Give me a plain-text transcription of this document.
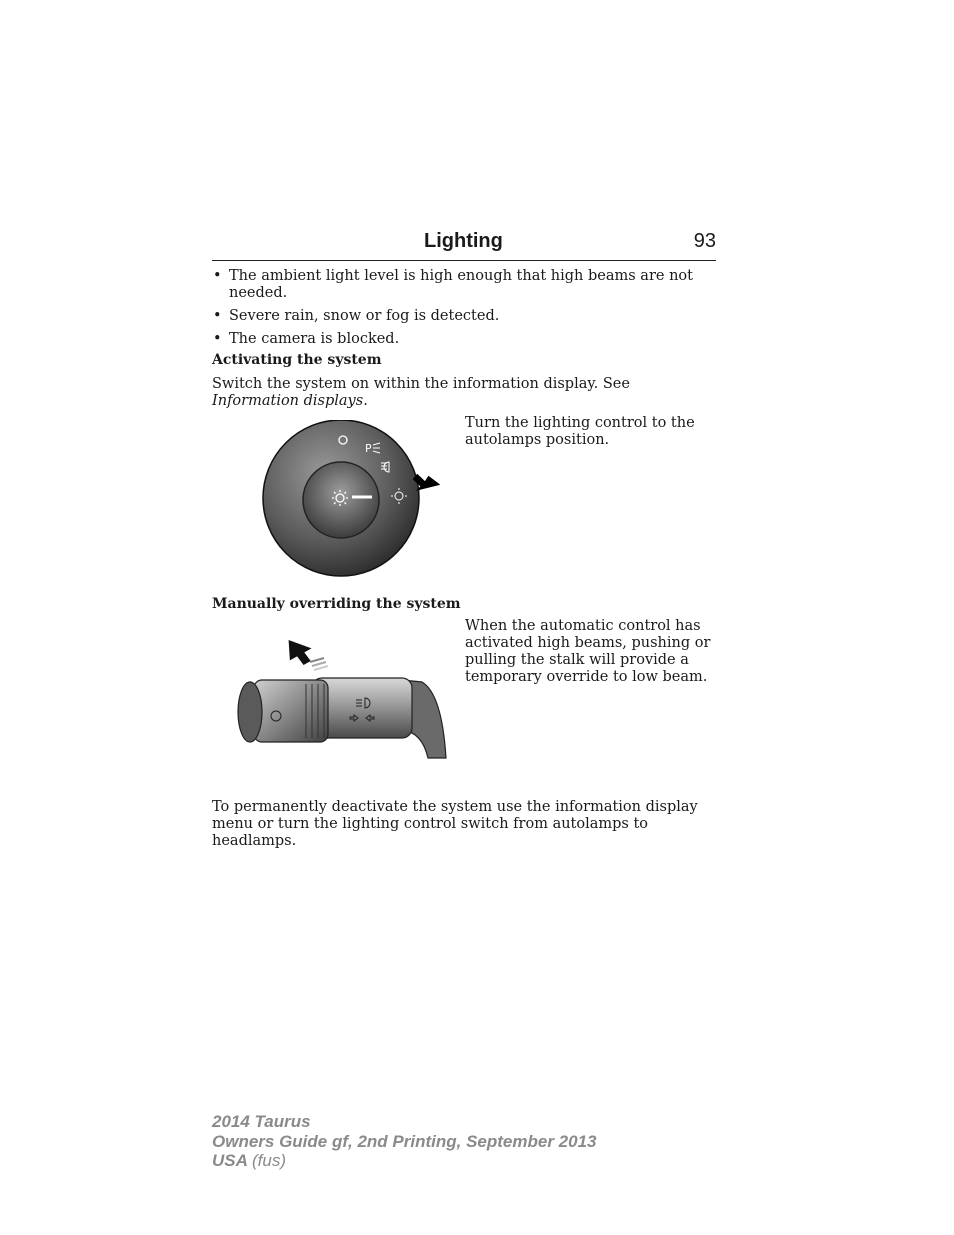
Lighting	93
• The ambient light level is high enough that high beams are not needed.
• Severe rain, snow or fog is detected.
• The camera is blocked.
Activating the system
Switch the system on within the information display. See Information displays.
P
Turn the lighting control to the autolamps position.
Manually overriding the system
When the automatic control has activated high beams, pushing or pulling the stalk will provide a temporary override to low beam.
To permanently deactivate the system use the information display menu or turn the lighting control switch from autolamps to headlamps.
2014 Taurus
Owners Guide gf, 2nd Printing, September 2013
USA (fus)
